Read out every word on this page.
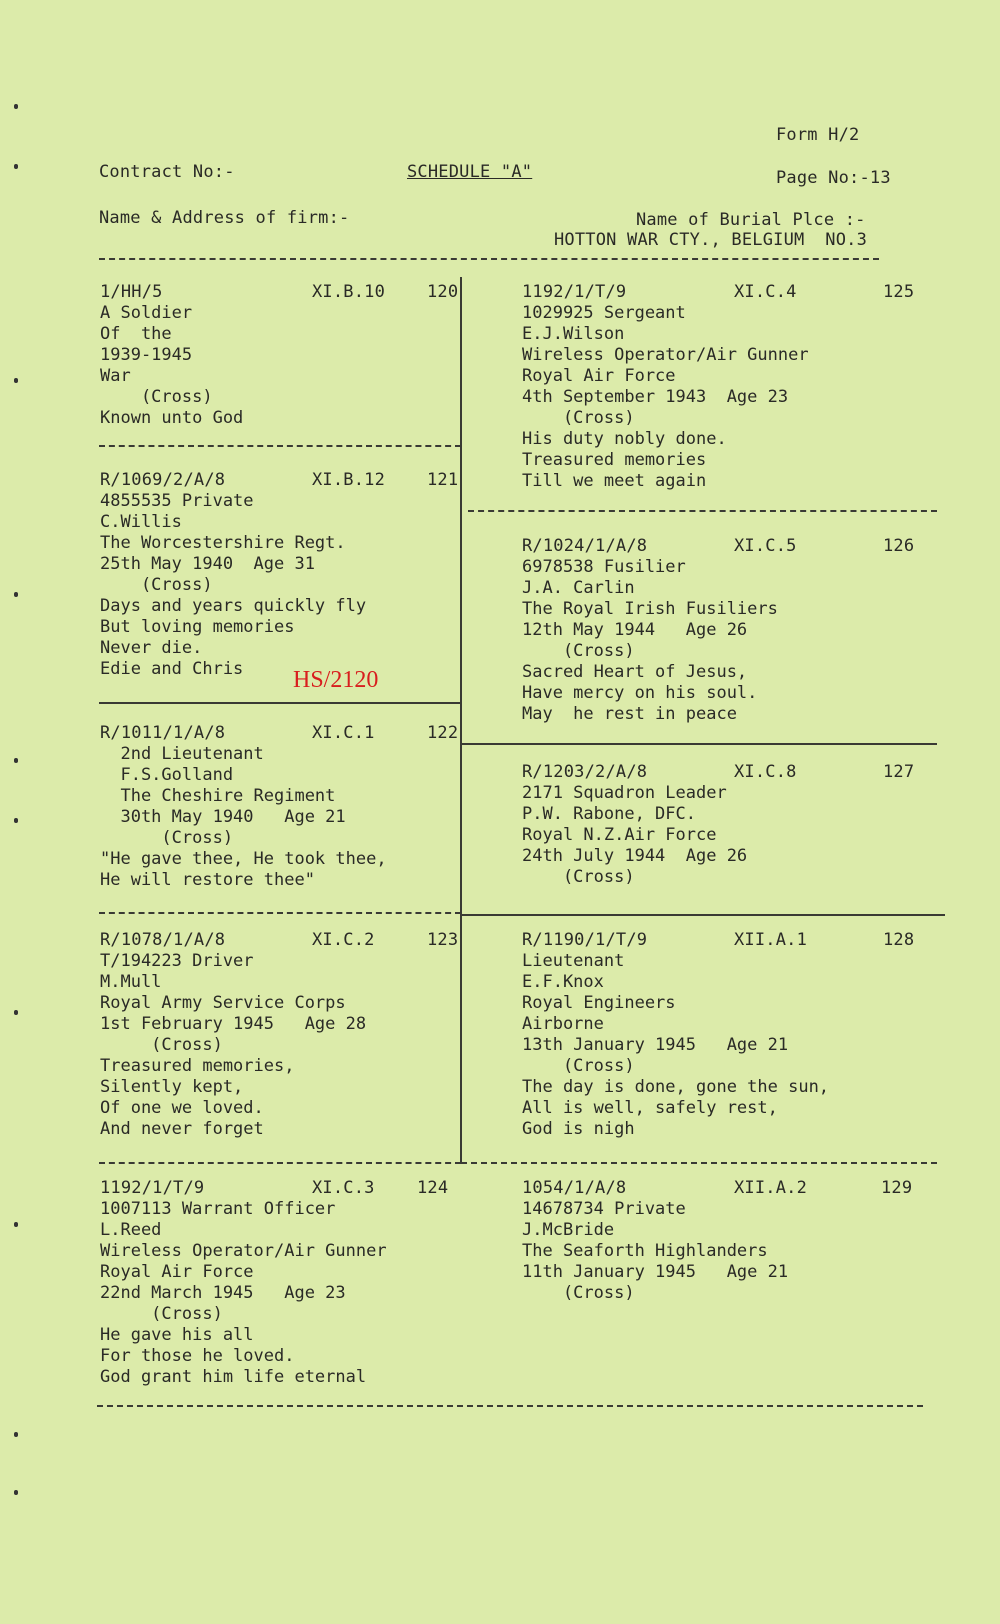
Form H/2
Contract No:-	SCHEDULE "A"	Page No:-13
Name & Address of firm:-	Name of Burial Plce :-
HOTTON WAR CTY., BELGIUM  NO.3
1/HH/5	XI.B.10 120
A Soldier
Of  the
1939-1945
War
(Cross)
Known unto God
R/1069/2/A/8	XI.B.12 121
4855535 Private
C.Willis
The Worcestershire Regt.
25th May 1940  Age 31
(Cross)
Days and years quickly fly
But loving memories
Never die.
Edie and Chris
R/1011/1/A/8	XI.C.1	122
2nd Lieutenant
F.S.Golland
The Cheshire Regiment
30th May 1940   Age 21
(Cross)
"He gave thee, He took thee,
He will restore thee"
R/1078/1/A/8	XI.C.2	123
T/194223 Driver
M.Mull
Royal Army Service Corps
1st February 1945   Age 28
(Cross)
Treasured memories,
Silently kept,
Of one we loved.
And never forget
1192/1/T/9	XI.C.3 124
1007113 Warrant Officer
L.Reed
Wireless Operator/Air Gunner
Royal Air Force
22nd March 1945   Age 23
(Cross)
He gave his all
For those he loved.
God grant him life eternal
1192/1/T/9	XI.C.4	125
1029925 Sergeant
E.J.Wilson
Wireless Operator/Air Gunner
Royal Air Force
4th September 1943  Age 23
(Cross)
His duty nobly done.
Treasured memories
Till we meet again
R/1024/1/A/8	XI.C.5	126
6978538 Fusilier
J.A. Carlin
The Royal Irish Fusiliers
12th May 1944   Age 26
(Cross)
Sacred Heart of Jesus,
Have mercy on his soul.
May  he rest in peace
R/1203/2/A/8	XI.C.8	127
2171 Squadron Leader
P.W. Rabone, DFC.
Royal N.Z.Air Force
24th July 1944  Age 26
(Cross)
R/1190/1/T/9	XII.A.1	128
Lieutenant
E.F.Knox
Royal Engineers
Airborne
13th January 1945   Age 21
(Cross)
The day is done, gone the sun,
All is well, safely rest,
God is nigh
1054/1/A/8	XII.A.2	129
14678734 Private
J.McBride
The Seaforth Highlanders
11th January 1945   Age 21
(Cross)
HS/2120
